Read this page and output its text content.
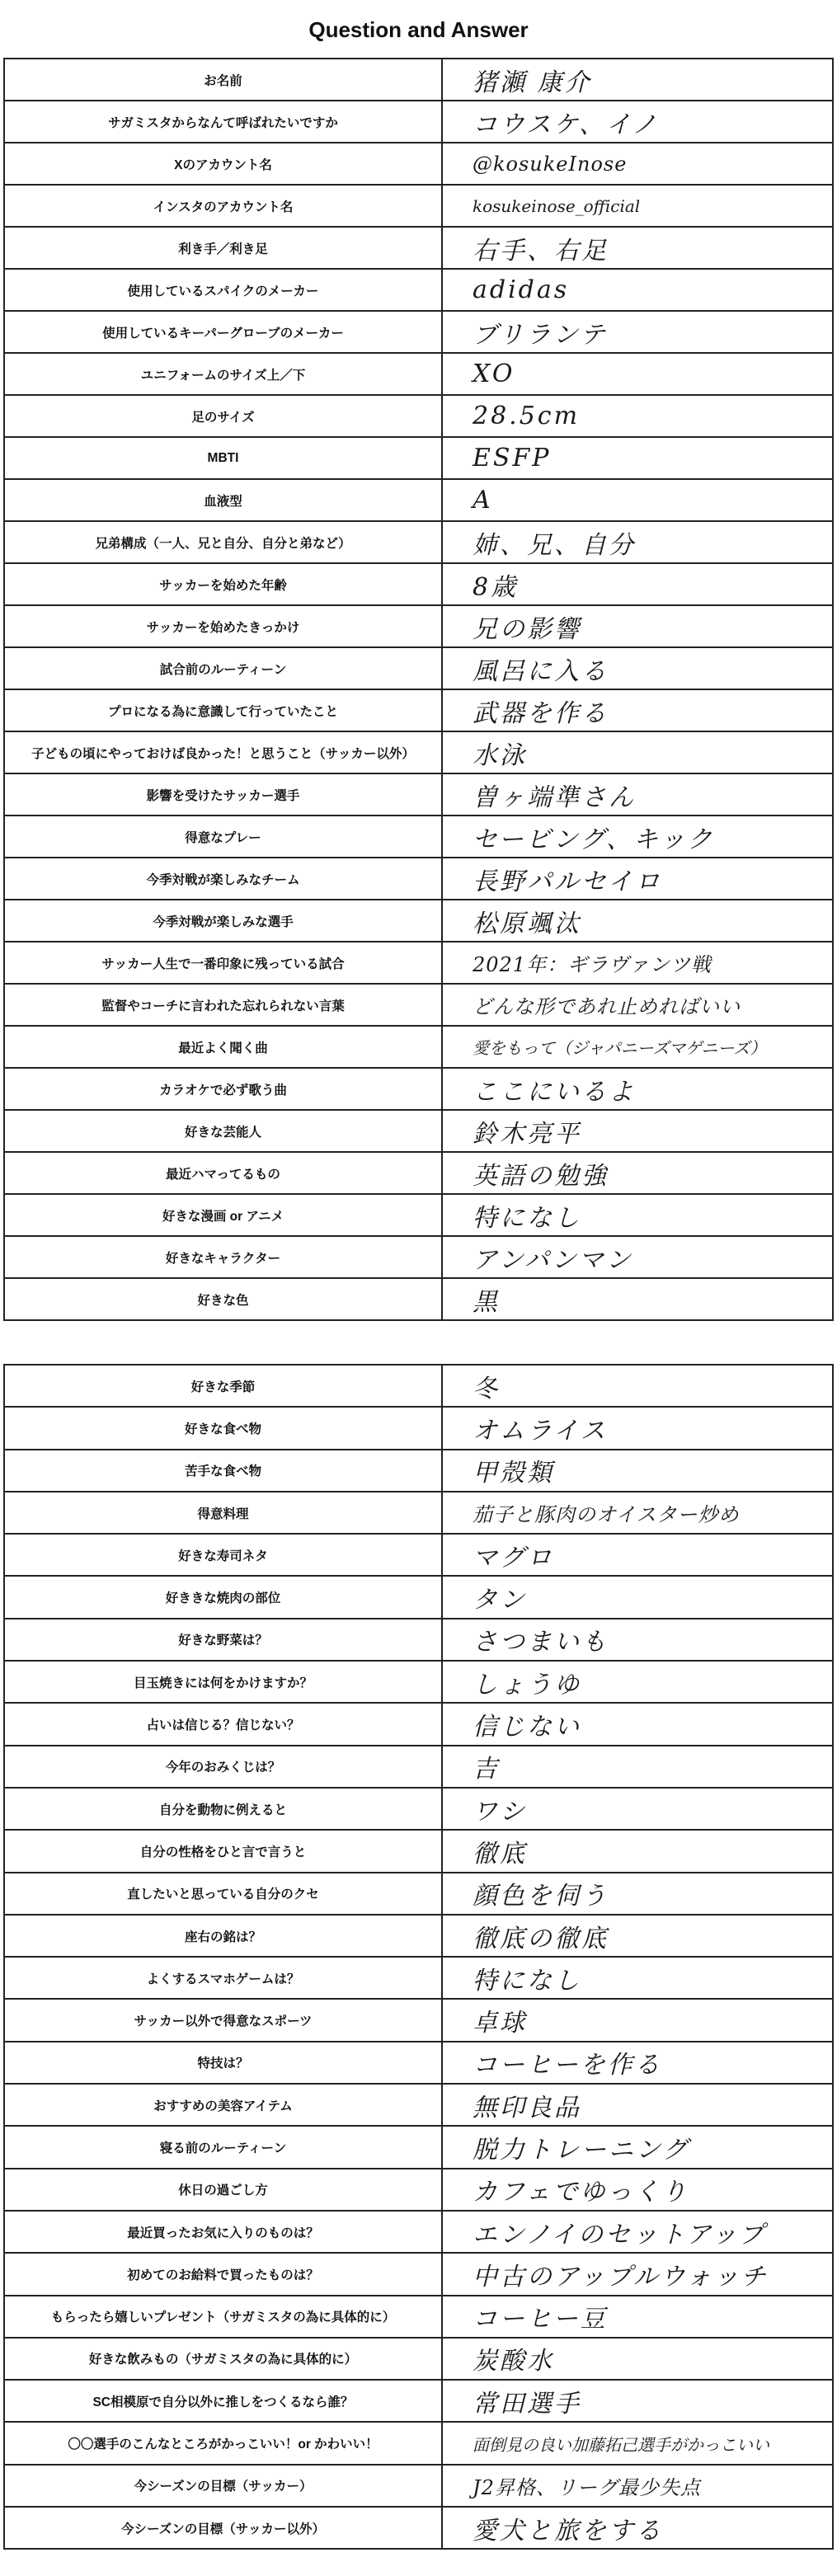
Question and Answer
お名前	猪瀬 康介
サガミスタからなんて呼ばれたいですか	コウスケ、イノ
Xのアカウント名	@kosukeInose
インスタのアカウント名	kosukeinose_official
利き手／利き足	右手、右足
使用しているスパイクのメーカー	adidas
使用しているキーパーグローブのメーカー	ブリランテ
ユニフォームのサイズ上／下	XO
足のサイズ	28.5cm
MBTI	ESFP
血液型	A
兄弟構成（一人、兄と自分、自分と弟など）	姉、兄、自分
サッカーを始めた年齢	8歳
サッカーを始めたきっかけ	兄の影響
試合前のルーティーン	風呂に入る
プロになる為に意識して行っていたこと	武器を作る
子どもの頃にやっておけば良かった！と思うこと（サッカー以外）	水泳
影響を受けたサッカー選手	曽ヶ端準さん
得意なプレー	セービング、キック
今季対戦が楽しみなチーム	長野パルセイロ
今季対戦が楽しみな選手	松原颯汰
サッカー人生で一番印象に残っている試合	2021年：ギラヴァンツ戦
監督やコーチに言われた忘れられない言葉	どんな形であれ止めればいい
最近よく聞く曲	愛をもって（ジャパニーズマゲニーズ）
カラオケで必ず歌う曲	ここにいるよ
好きな芸能人	鈴木亮平
最近ハマってるもの	英語の勉強
好きな漫画 or アニメ	特になし
好きなキャラクター	アンパンマン
好きな色	黒
好きな季節	冬
好きな食べ物	オムライス
苦手な食べ物	甲殻類
得意料理	茄子と豚肉のオイスター炒め
好きな寿司ネタ	マグロ
好ききな焼肉の部位	タン
好きな野菜は？	さつまいも
目玉焼きには何をかけますか？	しょうゆ
占いは信じる？信じない？	信じない
今年のおみくじは？	吉
自分を動物に例えると	ワシ
自分の性格をひと言で言うと	徹底
直したいと思っている自分のクセ	顔色を伺う
座右の銘は？	徹底の徹底
よくするスマホゲームは？	特になし
サッカー以外で得意なスポーツ	卓球
特技は？	コーヒーを作る
おすすめの美容アイテム	無印良品
寝る前のルーティーン	脱力トレーニング
休日の過ごし方	カフェでゆっくり
最近買ったお気に入りのものは？	エンノイのセットアップ
初めてのお給料で買ったものは？	中古のアップルウォッチ
もらったら嬉しいプレゼント（サガミスタの為に具体的に）	コーヒー豆
好きな飲みもの（サガミスタの為に具体的に）	炭酸水
SC相模原で自分以外に推しをつくるなら誰？	常田選手
〇〇選手のこんなところがかっこいい！or かわいい！	面倒見の良い加藤拓己選手がかっこいい
今シーズンの目標（サッカー）	J2昇格、リーグ最少失点
今シーズンの目標（サッカー以外）	愛犬と旅をする
